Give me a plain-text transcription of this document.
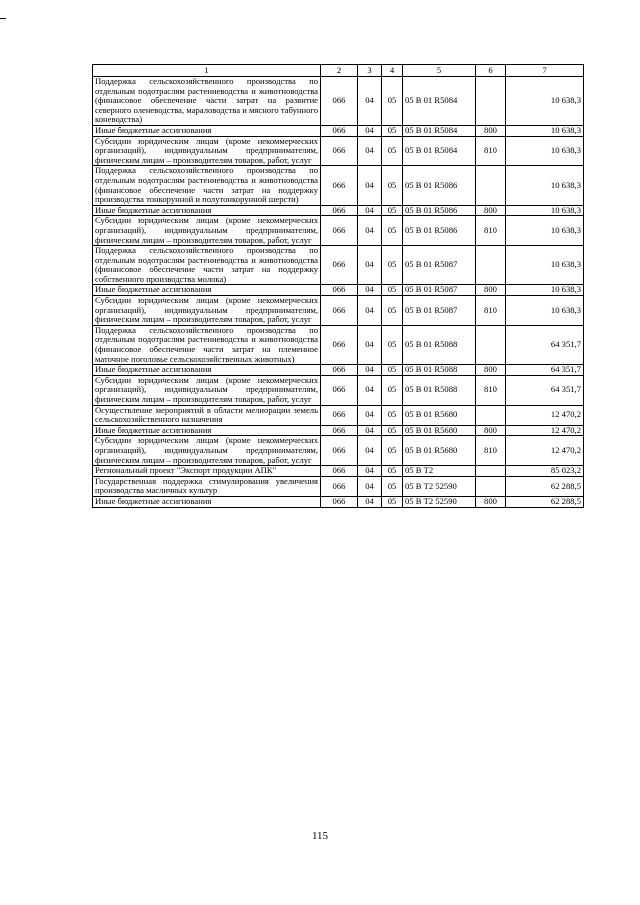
1	2	3	4	5	6	7
Поддержка сельскохозяйственного производства по отдельным подотраслям растениеводства и животноводства (финансовое обеспечение части затрат на развитие северного оленеводства, мараловодства и мясного табунного коневодства)	066	04	05	05 В 01 R5084		10 638,3
Иные бюджетные ассигнования	066	04	05	05 В 01 R5084	800	10 638,3
Субсидии юридическим лицам (кроме некоммерческих организаций), индивидуальным предпринимателям, физическим лицам – производителям товаров, работ, услуг	066	04	05	05 В 01 R5084	810	10 638,3
Поддержка сельскохозяйственного производства по отдельным подотраслям растениеводства и животноводства (финансовое обеспечение части затрат на поддержку производства тонкорунной и полутонкорунной шерсти)	066	04	05	05 В 01 R5086		10 638,3
Иные бюджетные ассигнования	066	04	05	05 В 01 R5086	800	10 638,3
Субсидии юридическим лицам (кроме некоммерческих организаций), индивидуальным предпринимателям, физическим лицам – производителям товаров, работ, услуг	066	04	05	05 В 01 R5086	810	10 638,3
Поддержка сельскохозяйственного производства по отдельным подотраслям растениеводства и животноводства (финансовое обеспечение части затрат на поддержку собственного производства молока)	066	04	05	05 В 01 R5087		10 638,3
Иные бюджетные ассигнования	066	04	05	05 В 01 R5087	800	10 638,3
Субсидии юридическим лицам (кроме некоммерческих организаций), индивидуальным предпринимателям, физическим лицам – производителям товаров, работ, услуг	066	04	05	05 В 01 R5087	810	10 638,3
Поддержка сельскохозяйственного производства по отдельным подотраслям растениеводства и животноводства (финансовое обеспечение части затрат на племенное маточное поголовье сельскохозяйственных животных)	066	04	05	05 В 01 R5088		64 351,7
Иные бюджетные ассигнования	066	04	05	05 В 01 R5088	800	64 351,7
Субсидии юридическим лицам (кроме некоммерческих организаций), индивидуальным предпринимателям, физическим лицам – производителям товаров, работ, услуг	066	04	05	05 В 01 R5088	810	64 351,7
Осуществление мероприятий в области мелиорации земель сельскохозяйственного назначения	066	04	05	05 В 01 R5680		12 470,2
Иные бюджетные ассигнования	066	04	05	05 В 01 R5680	800	12 470,2
Субсидии юридическим лицам (кроме некоммерческих организаций), индивидуальным предпринимателям, физическим лицам – производителям товаров, работ, услуг	066	04	05	05 В 01 R5680	810	12 470,2
Региональный проект "Экспорт продукции АПК"	066	04	05	05 В Т2		85 023,2
Государственная поддержка стимулирования увеличения производства масличных культур	066	04	05	05 В Т2 52590		62 288,5
Иные бюджетные ассигнования	066	04	05	05 В Т2 52590	800	62 288,5
115
